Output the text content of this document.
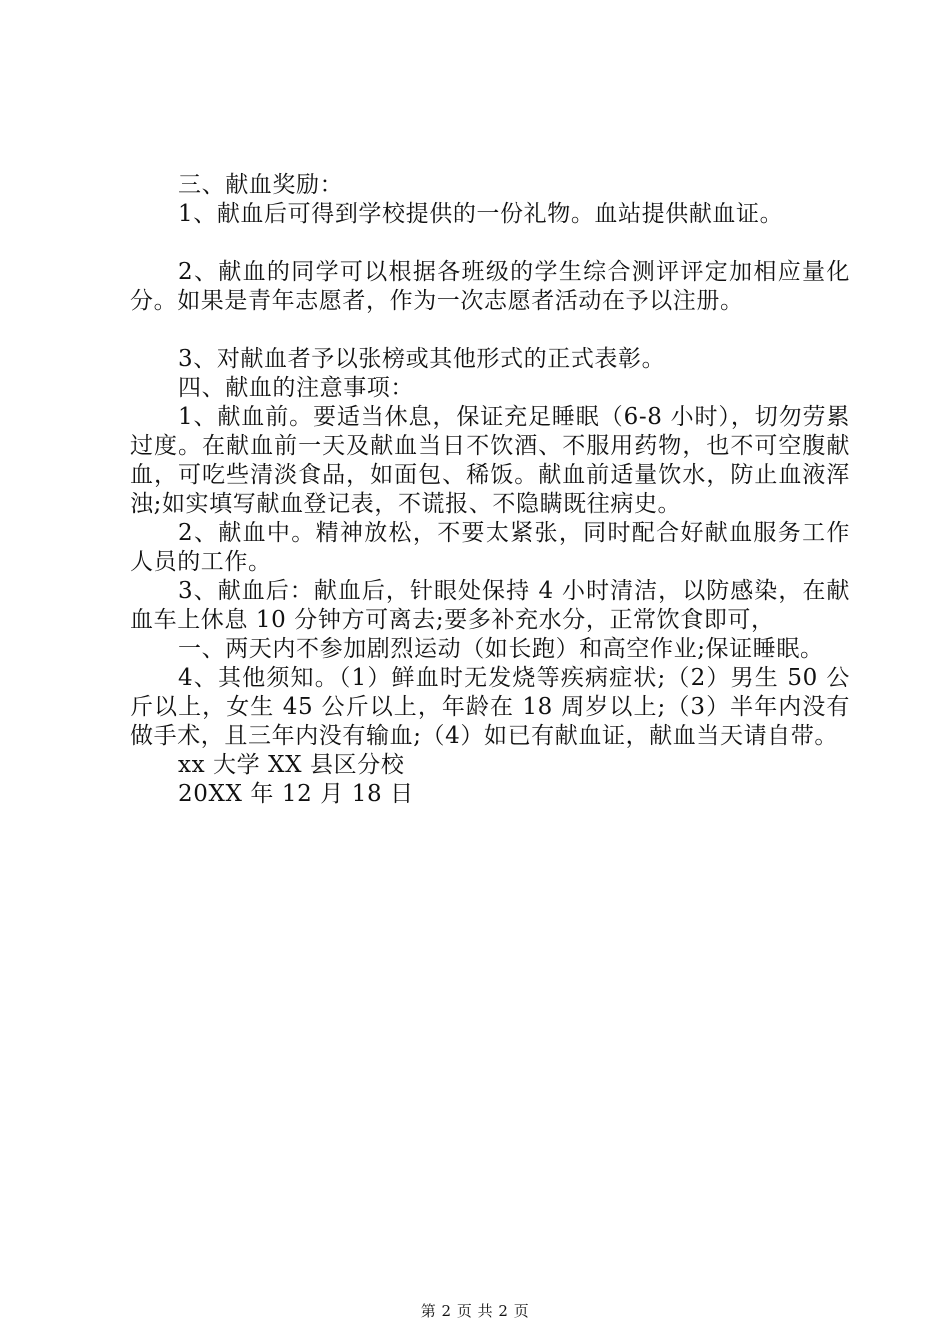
三、献血奖励：

1、献血后可得到学校提供的一份礼物。血站提供献血证。

2、献血的同学可以根据各班级的学生综合测评评定加相应量化分。如果是青年志愿者，作为一次志愿者活动在予以注册。

3、对献血者予以张榜或其他形式的正式表彰。

四、献血的注意事项：

1、献血前。要适当休息，保证充足睡眠（6-8 小时），切勿劳累过度。在献血前一天及献血当日不饮酒、不服用药物，也不可空腹献血，可吃些清淡食品，如面包、稀饭。献血前适量饮水，防止血液浑浊;如实填写献血登记表，不谎报、不隐瞒既往病史。

2、献血中。精神放松，不要太紧张，同时配合好献血服务工作人员的工作。

3、献血后：献血后，针眼处保持 4 小时清洁，以防感染，在献血车上休息 10 分钟方可离去;要多补充水分，正常饮食即可，

一、两天内不参加剧烈运动（如长跑）和高空作业;保证睡眠。

4、其他须知。（1）鲜血时无发烧等疾病症状;（2）男生 50 公斤以上，女生 45 公斤以上，年龄在 18 周岁以上;（3）半年内没有做手术，且三年内没有输血;（4）如已有献血证，献血当天请自带。

xx 大学 XX 县区分校

20XX 年 12 月 18 日

第 2 页 共 2 页
